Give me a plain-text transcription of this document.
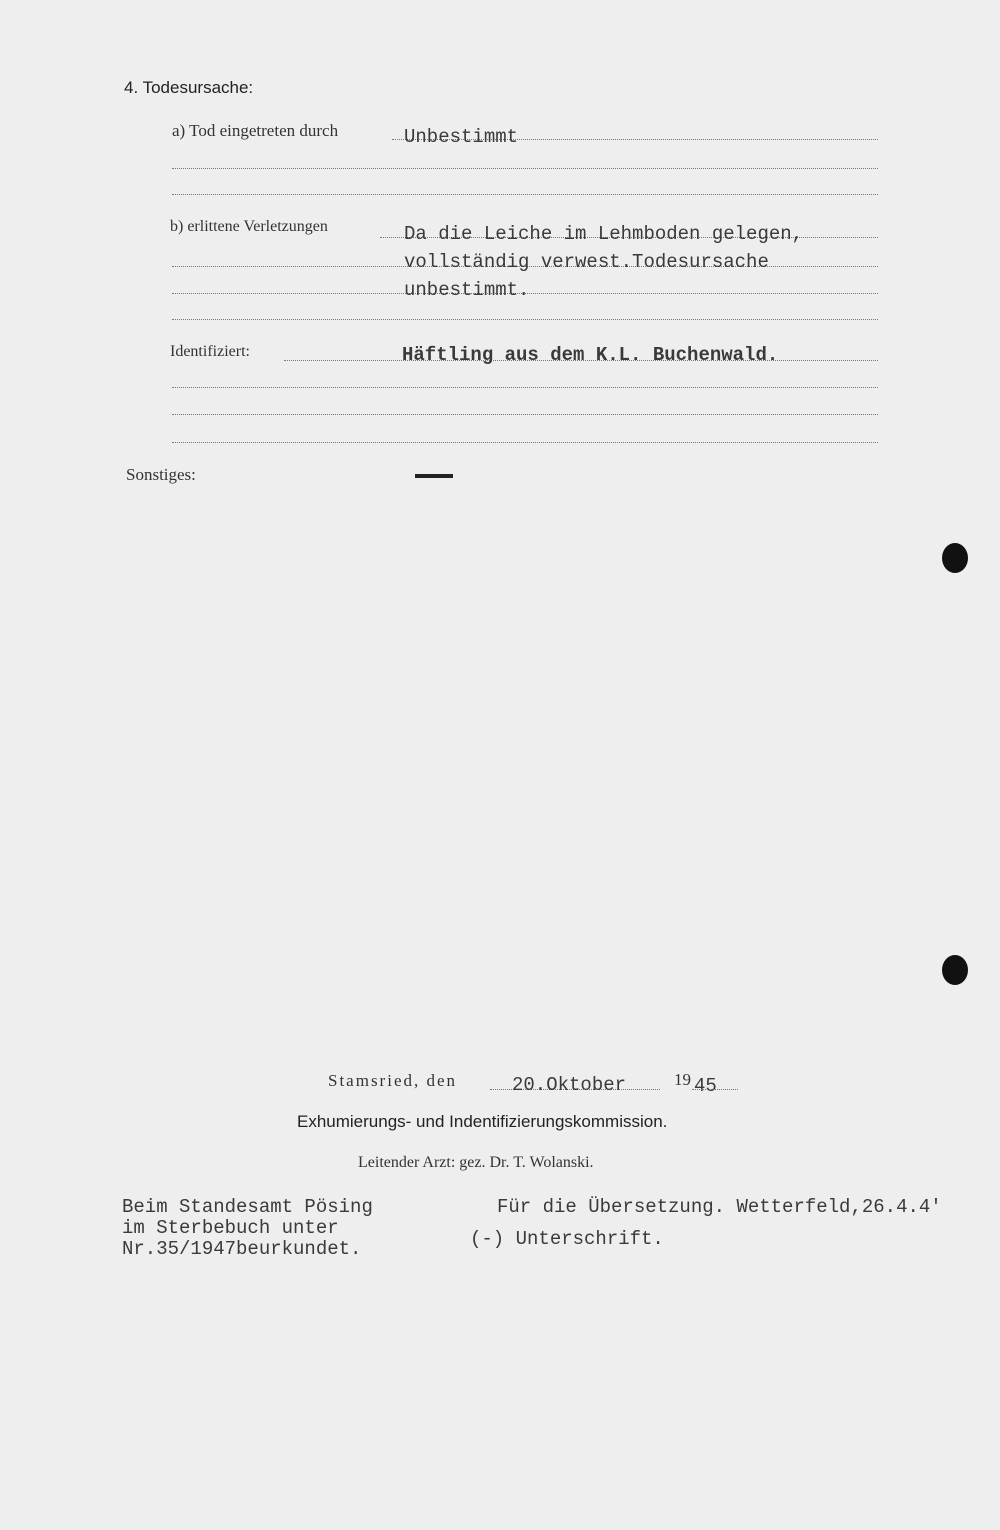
4. Todesursache:
a) Tod eingetreten durch	Unbestimmt
b) erlittene Verletzungen	Da die Leiche im Lehmboden gelegen,
vollständig verwest.Todesursache
unbestimmt.
Identifiziert:	Häftling aus dem K.L. Buchenwald.
Sonstiges:
Stamsried, den	20.Oktober	19 45
Exhumierungs- und Indentifizierungskommission.
Leitender Arzt: gez. Dr. T. Wolanski.
Beim Standesamt Pösing
im Sterbebuch unter
Nr.35/1947beurkundet.
Für die Übersetzung. Wetterfeld,26.4.4'
(-) Unterschrift.
